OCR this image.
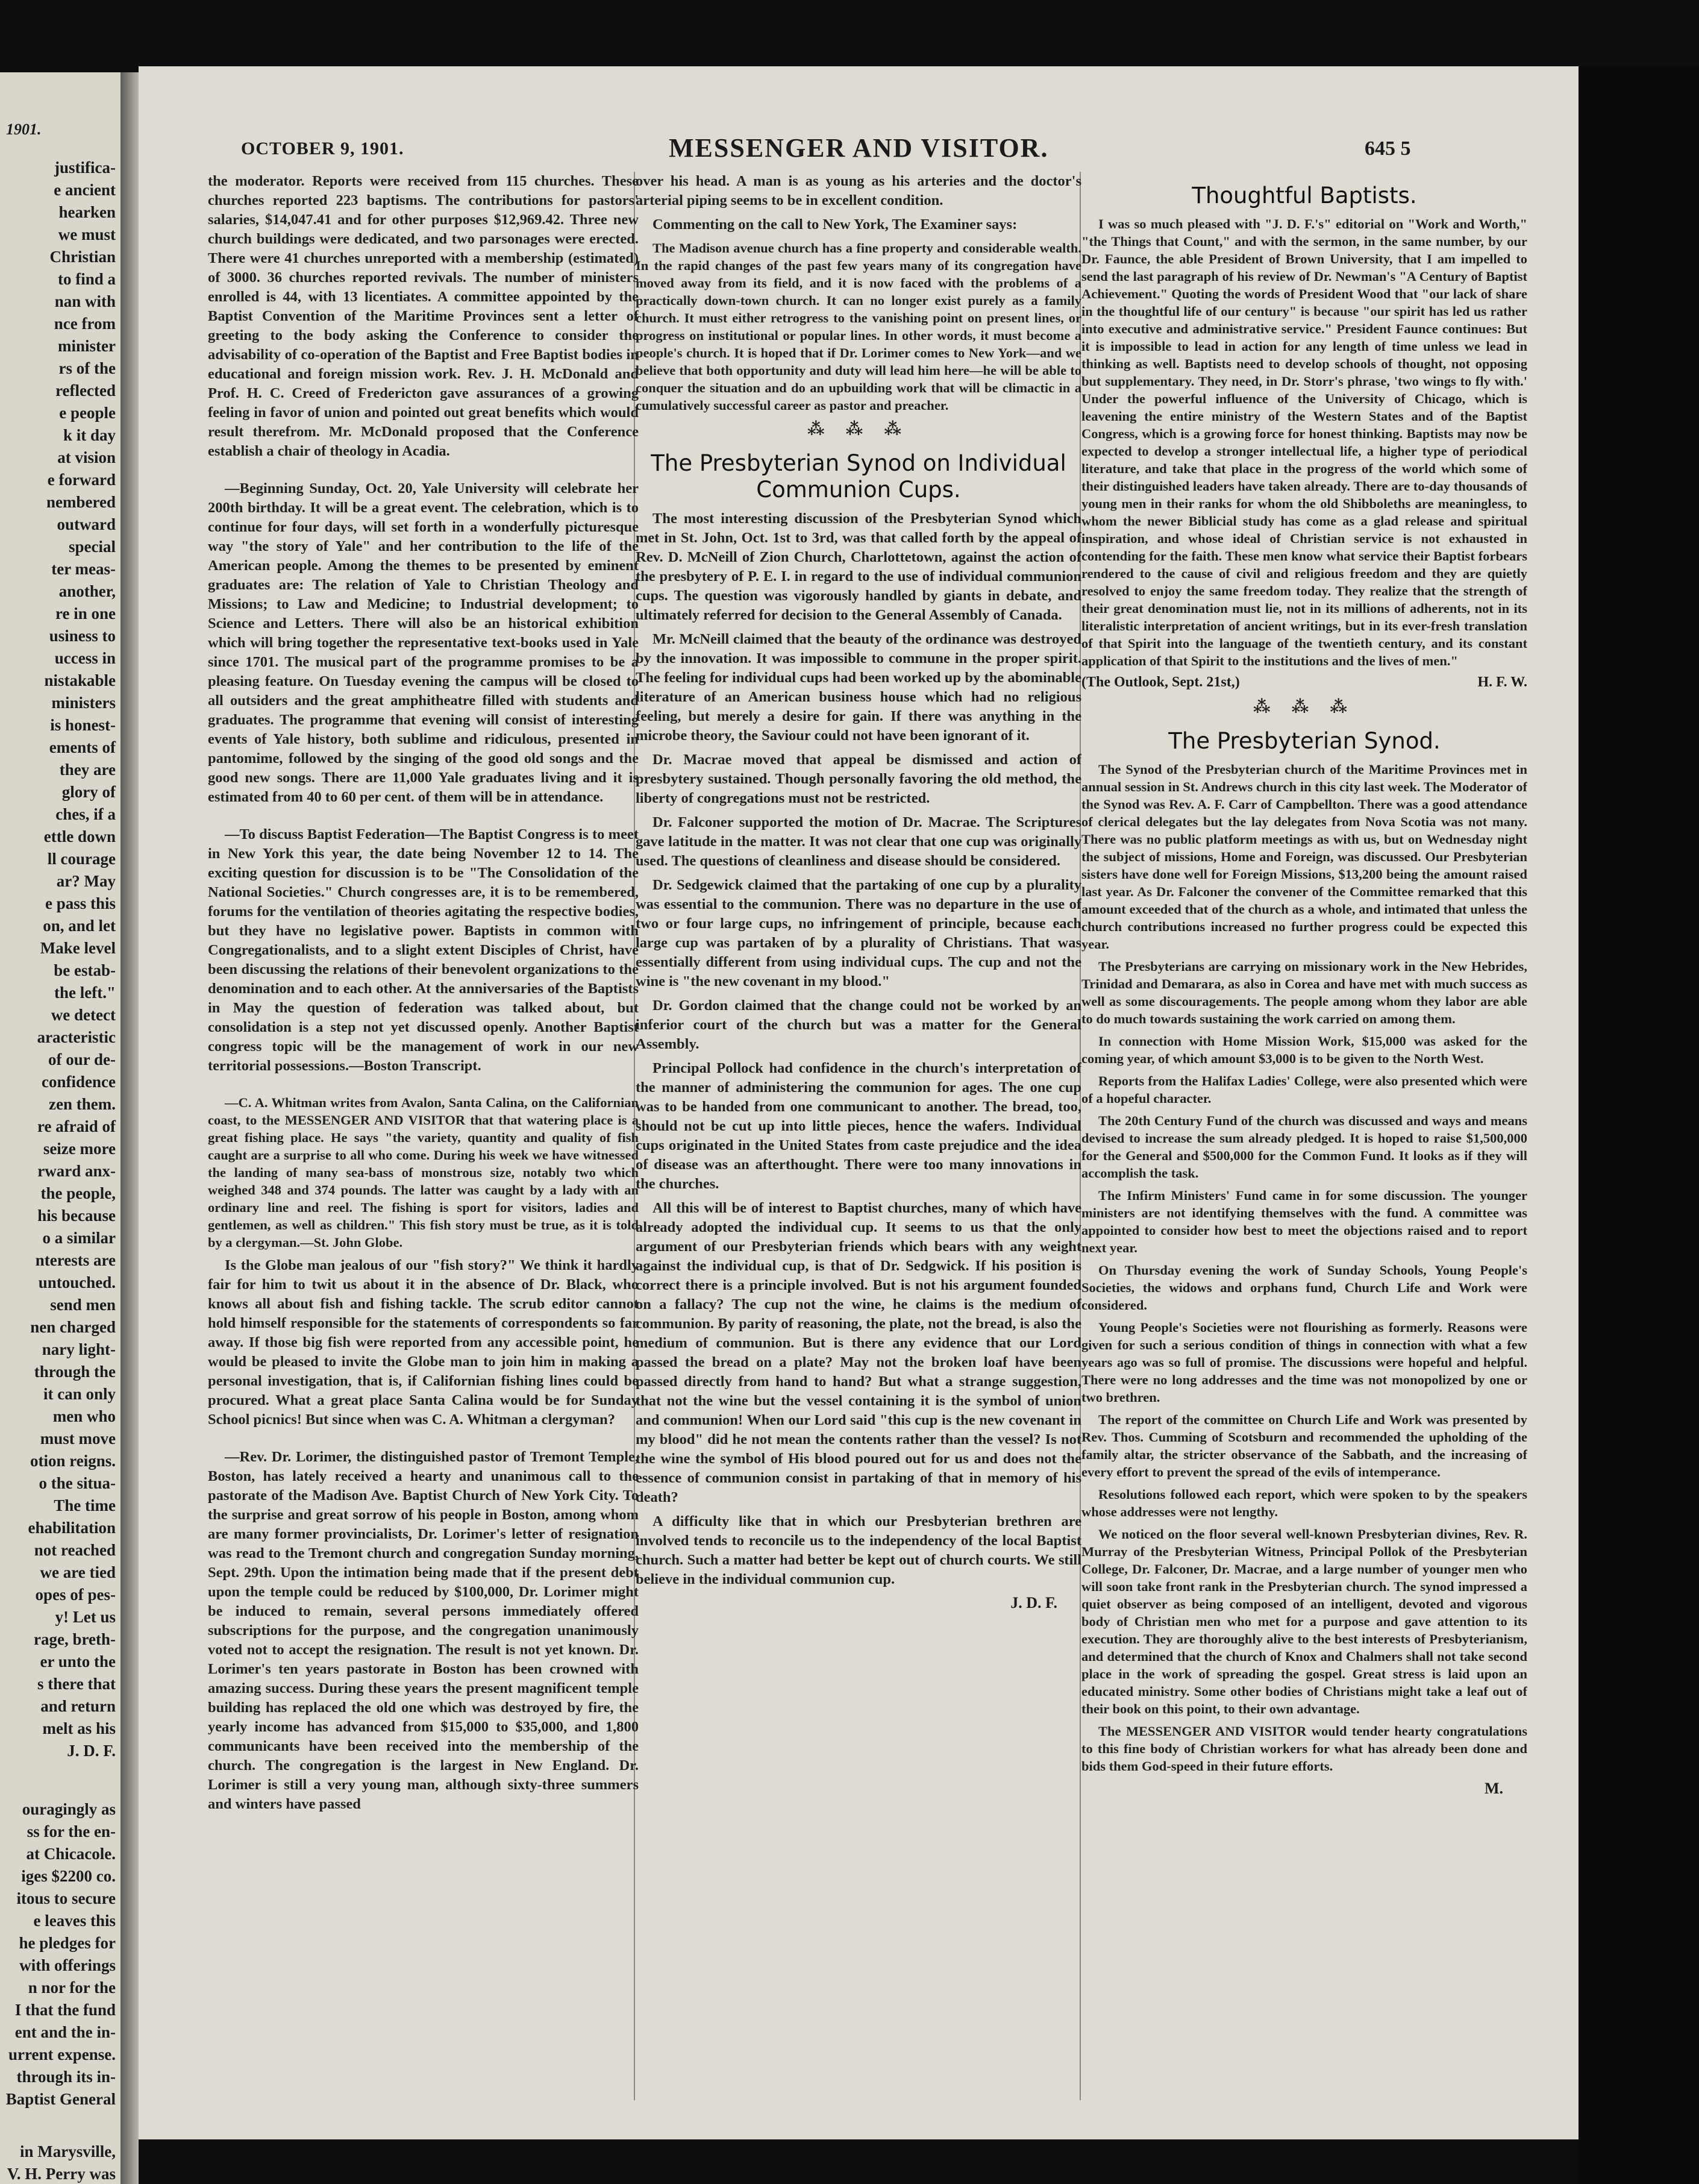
1901.
justifica-
e ancient
hearken
we must
Christian
to find a
nan with
nce from
minister
rs of the
reflected
e people
k it day
at vision
e forward
nembered
outward
special
ter meas-
another,
re in one
usiness to
uccess in
nistakable
ministers
is honest-
ements of
they are
glory of
ches, if a
ettle down
ll courage
ar? May
e pass this
on, and let
Make level
be estab-
the left."
we detect
aracteristic
of our de-
confidence
zen them.
re afraid of
seize more
rward anx-
the people,
his because
o a similar
nterests are
untouched.
send men
nen charged
nary light-
through the
it can only
men who
must move
otion reigns.
o the situa-
The time
ehabilitation
not reached
we are tied
opes of pes-
y! Let us
rage, breth-
er unto the
s there that
and return
melt as his
J. D. F.
ouragingly as
ss for the en-
at Chicacole.
iges $2200 co.
itous to secure
e leaves this
he pledges for
with offerings
n nor for the
I that the fund
ent and the in-
urrent expense.
through its in-
Baptist General
in Marysville,
V. H. Perry was
OCTOBER 9, 1901.	MESSENGER AND VISITOR.	645 5

the moderator. Reports were received from 115 churches. These churches reported 223 baptisms. The contributions for pastors' salaries, $14,047.41 and for other purposes $12,969.42. Three new church buildings were dedicated, and two parsonages were erected. There were 41 churches unreported with a membership (estimated) of 3000. 36 churches reported revivals. The number of ministers enrolled is 44, with 13 licentiates. A committee appointed by the Baptist Convention of the Maritime Provinces sent a letter of greeting to the body asking the Conference to consider the advisability of co-operation of the Baptist and Free Baptist bodies in educational and foreign mission work. Rev. J. H. McDonald and Prof. H. C. Creed of Fredericton gave assurances of a growing feeling in favor of union and pointed out great benefits which would result therefrom. Mr. McDonald proposed that the Conference establish a chair of theology in Acadia.

—Beginning Sunday, Oct. 20, Yale University will celebrate her 200th birthday. It will be a great event. The celebration, which is to continue for four days, will set forth in a wonderfully picturesque way "the story of Yale" and her contribution to the life of the American people. Among the themes to be presented by eminent graduates are: The relation of Yale to Christian Theology and Missions; to Law and Medicine; to Industrial development; to Science and Letters. There will also be an historical exhibition which will bring together the representative text-books used in Yale since 1701. The musical part of the programme promises to be a pleasing feature. On Tuesday evening the campus will be closed to all outsiders and the great amphitheatre filled with students and graduates. The programme that evening will consist of interesting events of Yale history, both sublime and ridiculous, presented in pantomime, followed by the singing of the good old songs and the good new songs. There are 11,000 Yale graduates living and it is estimated from 40 to 60 per cent. of them will be in attendance.

—To discuss Baptist Federation—The Baptist Congress is to meet in New York this year, the date being November 12 to 14. The exciting question for discussion is to be "The Consolidation of the National Societies." Church congresses are, it is to be remembered, forums for the ventilation of theories agitating the respective bodies, but they have no legislative power. Baptists in common with Congregationalists, and to a slight extent Disciples of Christ, have been discussing the relations of their benevolent organizations to the denomination and to each other. At the anniversaries of the Baptists in May the question of federation was talked about, but consolidation is a step not yet discussed openly. Another Baptist congress topic will be the management of work in our new territorial possessions.—Boston Transcript.

—C. A. Whitman writes from Avalon, Santa Calina, on the Californian coast, to the MESSENGER AND VISITOR that that watering place is a great fishing place. He says "the variety, quantity and quality of fish caught are a surprise to all who come. During his week we have witnessed the landing of many sea-bass of monstrous size, notably two which weighed 348 and 374 pounds. The latter was caught by a lady with an ordinary line and reel. The fishing is sport for visitors, ladies and gentlemen, as well as children." This fish story must be true, as it is told by a clergyman.—St. John Globe.

Is the Globe man jealous of our "fish story?" We think it hardly fair for him to twit us about it in the absence of Dr. Black, who knows all about fish and fishing tackle. The scrub editor cannot hold himself responsible for the statements of correspondents so far away. If those big fish were reported from any accessible point, he would be pleased to invite the Globe man to join him in making a personal investigation, that is, if Californian fishing lines could be procured. What a great place Santa Calina would be for Sunday School picnics! But since when was C. A. Whitman a clergyman?

—Rev. Dr. Lorimer, the distinguished pastor of Tremont Temple, Boston, has lately received a hearty and unanimous call to the pastorate of the Madison Ave. Baptist Church of New York City. To the surprise and great sorrow of his people in Boston, among whom are many former provincialists, Dr. Lorimer's letter of resignation was read to the Tremont church and congregation Sunday morning, Sept. 29th. Upon the intimation being made that if the present debt upon the temple could be reduced by $100,000, Dr. Lorimer might be induced to remain, several persons immediately offered subscriptions for the purpose, and the congregation unanimously voted not to accept the resignation. The result is not yet known. Dr. Lorimer's ten years pastorate in Boston has been crowned with amazing success. During these years the present magnificent temple building has replaced the old one which was destroyed by fire, the yearly income has advanced from $15,000 to $35,000, and 1,800 communicants have been received into the membership of the church. The congregation is the largest in New England. Dr. Lorimer is still a very young man, although sixty-three summers and winters have passed

over his head. A man is as young as his arteries and the doctor's arterial piping seems to be in excellent condition.

Commenting on the call to New York, The Examiner says:

The Madison avenue church has a fine property and considerable wealth. In the rapid changes of the past few years many of its congregation have moved away from its field, and it is now faced with the problems of a practically down-town church. It can no longer exist purely as a family church. It must either retrogress to the vanishing point on present lines, or progress on institutional or popular lines. In other words, it must become a people's church. It is hoped that if Dr. Lorimer comes to New York—and we believe that both opportunity and duty will lead him here—he will be able to conquer the situation and do an upbuilding work that will be climactic in a cumulatively successful career as pastor and preacher.

⁂ ⁂ ⁂
The Presbyterian Synod on Individual Communion Cups.

The most interesting discussion of the Presbyterian Synod which met in St. John, Oct. 1st to 3rd, was that called forth by the appeal of Rev. D. McNeill of Zion Church, Charlottetown, against the action of the presbytery of P. E. I. in regard to the use of individual communion cups. The question was vigorously handled by giants in debate, and ultimately referred for decision to the General Assembly of Canada.

Mr. McNeill claimed that the beauty of the ordinance was destroyed by the innovation. It was impossible to commune in the proper spirit. The feeling for individual cups had been worked up by the abominable literature of an American business house which had no religious feeling, but merely a desire for gain. If there was anything in the microbe theory, the Saviour could not have been ignorant of it.

Dr. Macrae moved that appeal be dismissed and action of presbytery sustained. Though personally favoring the old method, the liberty of congregations must not be restricted.

Dr. Falconer supported the motion of Dr. Macrae. The Scriptures gave latitude in the matter. It was not clear that one cup was originally used. The questions of cleanliness and disease should be considered.

Dr. Sedgewick claimed that the partaking of one cup by a plurality was essential to the communion. There was no departure in the use of two or four large cups, no infringement of principle, because each large cup was partaken of by a plurality of Christians. That was essentially different from using individual cups. The cup and not the wine is "the new covenant in my blood."

Dr. Gordon claimed that the change could not be worked by an inferior court of the church but was a matter for the General Assembly.

Principal Pollock had confidence in the church's interpretation of the manner of administering the communion for ages. The one cup was to be handed from one communicant to another. The bread, too, should not be cut up into little pieces, hence the wafers. Individual cups originated in the United States from caste prejudice and the idea of disease was an afterthought. There were too many innovations in the churches.

All this will be of interest to Baptist churches, many of which have already adopted the individual cup. It seems to us that the only argument of our Presbyterian friends which bears with any weight against the individual cup, is that of Dr. Sedgwick. If his position is correct there is a principle involved. But is not his argument founded on a fallacy? The cup not the wine, he claims is the medium of communion. By parity of reasoning, the plate, not the bread, is also the medium of communion. But is there any evidence that our Lord passed the bread on a plate? May not the broken loaf have been passed directly from hand to hand? But what a strange suggestion, that not the wine but the vessel containing it is the symbol of union and communion! When our Lord said "this cup is the new covenant in my blood" did he not mean the contents rather than the vessel? Is not the wine the symbol of His blood poured out for us and does not the essence of communion consist in partaking of that in memory of his death?

A difficulty like that in which our Presbyterian brethren are involved tends to reconcile us to the independency of the local Baptist church. Such a matter had better be kept out of church courts. We still believe in the individual communion cup.

J. D. F.
Thoughtful Baptists.

I was so much pleased with "J. D. F.'s" editorial on "Work and Worth," "the Things that Count," and with the sermon, in the same number, by our Dr. Faunce, the able President of Brown University, that I am impelled to send the last paragraph of his review of Dr. Newman's "A Century of Baptist Achievement." Quoting the words of President Wood that "our lack of share in the thoughtful life of our century" is because "our spirit has led us rather into executive and administrative service." President Faunce continues: But it is impossible to lead in action for any length of time unless we lead in thinking as well. Baptists need to develop schools of thought, not opposing but supplementary. They need, in Dr. Storr's phrase, 'two wings to fly with.' Under the powerful influence of the University of Chicago, which is leavening the entire ministry of the Western States and of the Baptist Congress, which is a growing force for honest thinking. Baptists may now be expected to develop a stronger intellectual life, a higher type of periodical literature, and take that place in the progress of the world which some of their distinguished leaders have taken already. There are to-day thousands of young men in their ranks for whom the old Shibboleths are meaningless, to whom the newer Biblicial study has come as a glad release and spiritual inspiration, and whose ideal of Christian service is not exhausted in contending for the faith. These men know what service their Baptist forbears rendered to the cause of civil and religious freedom and they are quietly resolved to enjoy the same freedom today. They realize that the strength of their great denomination must lie, not in its millions of adherents, not in its literalistic interpretation of ancient writings, but in its ever-fresh translation of that Spirit into the language of the twentieth century, and its constant application of that Spirit to the institutions and the lives of men."

(The Outlook, Sept. 21st,)	H. F. W.
⁂ ⁂ ⁂
The Presbyterian Synod.

The Synod of the Presbyterian church of the Maritime Provinces met in annual session in St. Andrews church in this city last week. The Moderator of the Synod was Rev. A. F. Carr of Campbellton. There was a good attendance of clerical delegates but the lay delegates from Nova Scotia was not many. There was no public platform meetings as with us, but on Wednesday night the subject of missions, Home and Foreign, was discussed. Our Presbyterian sisters have done well for Foreign Missions, $13,200 being the amount raised last year. As Dr. Falconer the convener of the Committee remarked that this amount exceeded that of the church as a whole, and intimated that unless the church contributions increased no further progress could be expected this year.

The Presbyterians are carrying on missionary work in the New Hebrides, Trinidad and Demarara, as also in Corea and have met with much success as well as some discouragements. The people among whom they labor are able to do much towards sustaining the work carried on among them.

In connection with Home Mission Work, $15,000 was asked for the coming year, of which amount $3,000 is to be given to the North West.

Reports from the Halifax Ladies' College, were also presented which were of a hopeful character.

The 20th Century Fund of the church was discussed and ways and means devised to increase the sum already pledged. It is hoped to raise $1,500,000 for the General and $500,000 for the Common Fund. It looks as if they will accomplish the task.

The Infirm Ministers' Fund came in for some discussion. The younger ministers are not identifying themselves with the fund. A committee was appointed to consider how best to meet the objections raised and to report next year.

On Thursday evening the work of Sunday Schools, Young People's Societies, the widows and orphans fund, Church Life and Work were considered.

Young People's Societies were not flourishing as formerly. Reasons were given for such a serious condition of things in connection with what a few years ago was so full of promise. The discussions were hopeful and helpful. There were no long addresses and the time was not monopolized by one or two brethren.

The report of the committee on Church Life and Work was presented by Rev. Thos. Cumming of Scotsburn and recommended the upholding of the family altar, the stricter observance of the Sabbath, and the increasing of every effort to prevent the spread of the evils of intemperance.

Resolutions followed each report, which were spoken to by the speakers whose addresses were not lengthy.

We noticed on the floor several well-known Presbyterian divines, Rev. R. Murray of the Presbyterian Witness, Principal Pollok of the Presbyterian College, Dr. Falconer, Dr. Macrae, and a large number of younger men who will soon take front rank in the Presbyterian church. The synod impressed a quiet observer as being composed of an intelligent, devoted and vigorous body of Christian men who met for a purpose and gave attention to its execution. They are thoroughly alive to the best interests of Presbyterianism, and determined that the church of Knox and Chalmers shall not take second place in the work of spreading the gospel. Great stress is laid upon an educated ministry. Some other bodies of Christians might take a leaf out of their book on this point, to their own advantage.

The MESSENGER AND VISITOR would tender hearty congratulations to this fine body of Christian workers for what has already been done and bids them God-speed in their future efforts.

M.
